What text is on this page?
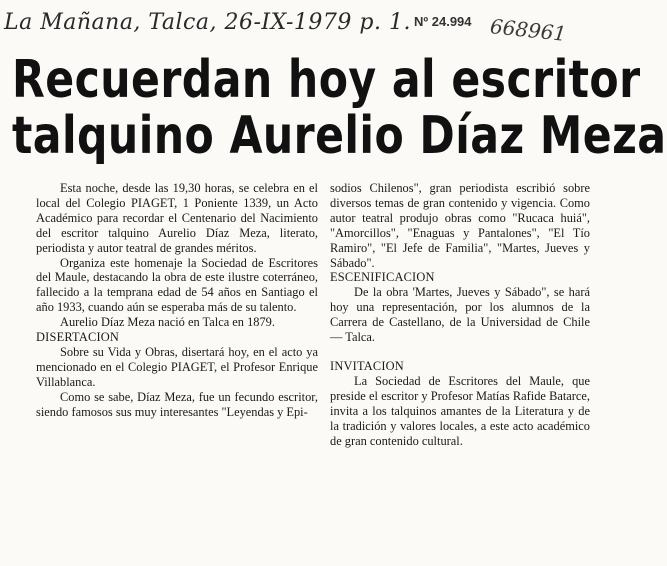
La Mañana, Talca, 26-IX-1979 p. 1. Nº 24.994 668961
Recuerdan hoy al escritor
talquino Aurelio Díaz Meza

Esta noche, desde las 19,30 horas, se celebra en el local del Colegio PIAGET, 1 Poniente 1339, un Acto Académico para recordar el Centenario del Nacimiento del escritor talquino Aurelio Díaz Meza, literato, periodista y autor teatral de grandes méritos.

Organiza este homenaje la Sociedad de Escritores del Maule, destacando la obra de este ilustre coterráneo, fallecido a la temprana edad de 54 años en Santiago el año 1933, cuando aún se esperaba más de su talento.

Aurelio Díaz Meza nació en Talca en 1879.

DISERTACION

Sobre su Vida y Obras, disertará hoy, en el acto ya mencionado en el Colegio PIAGET, el Profesor Enrique Villablanca.

Como se sabe, Díaz Meza, fue un fecundo escritor, siendo famosos sus muy interesantes "Leyendas y Epi-

sodios Chilenos", gran periodista escribió sobre diversos temas de gran contenido y vigencia. Como autor teatral produjo obras como "Rucaca huiá", "Amorcillos", "Enaguas y Pantalones", "El Tío Ramiro", "El Jefe de Familia", "Martes, Jueves y Sábado".

ESCENIFICACION

De la obra 'Martes, Jueves y Sábado", se hará hoy una representación, por los alumnos de la Carrera de Castellano, de la Universidad de Chile — Talca.

INVITACION

La Sociedad de Escritores del Maule, que preside el escritor y Profesor Matías Rafide Batarce, invita a los talquinos amantes de la Literatura y de la tradición y valores locales, a este acto académico de gran contenido cultural.
